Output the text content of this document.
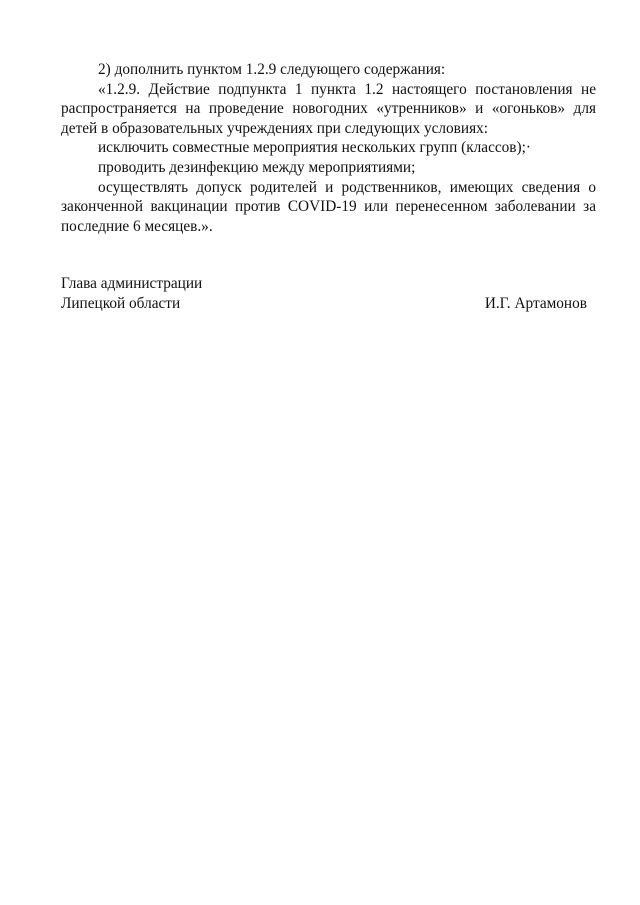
2) дополнить пунктом 1.2.9 следующего содержания:

«1.2.9. Действие подпункта 1 пункта 1.2 настоящего постановления не распространяется на проведение новогодних «утренников» и «огоньков» для детей в образовательных учреждениях при следующих условиях:

исключить совместные мероприятия нескольких групп (классов);·

проводить дезинфекцию между мероприятиями;

осуществлять допуск родителей и родственников, имеющих сведения о законченной вакцинации против COVID-19 или перенесенном заболевании за последние 6 месяцев.».

Глава администрации
Липецкой области	И.Г. Артамонов
